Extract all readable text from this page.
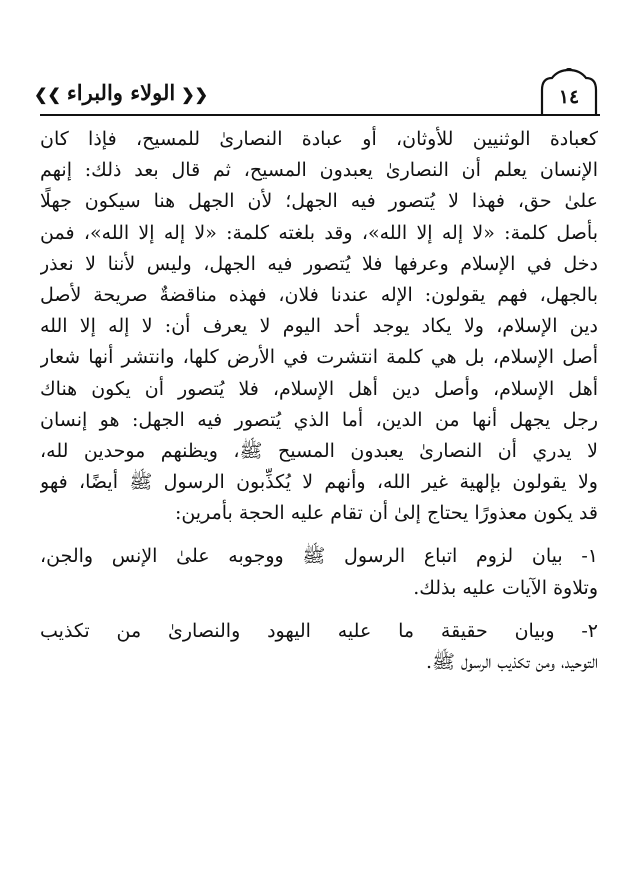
١٤
❮❮الولاء والبراء❯❯
كعبادة الوثنيين للأوثان، أو عبادة النصارىٰ للمسيح، فإذا كان
الإنسان يعلم أن النصارىٰ يعبدون المسيح، ثم قال بعد ذلك: إنهم
علىٰ حق، فهذا لا يُتصور فيه الجهل؛ لأن الجهل هنا سيكون جهلًا
بأصل كلمة: «لا إله إلا الله»، وقد بلغته كلمة: «لا إله إلا الله»، فمن
دخل في الإسلام وعرفها فلا يُتصور فيه الجهل، وليس لأننا لا نعذر
بالجهل، فهم يقولون: الإله عندنا فلان، فهذه مناقضةٌ صريحة لأصل
دين الإسلام، ولا يكاد يوجد أحد اليوم لا يعرف أن: لا إله إلا الله
أصل الإسلام، بل هي كلمة انتشرت في الأرض كلها، وانتشر أنها شعار
أهل الإسلام، وأصل دين أهل الإسلام، فلا يُتصور أن يكون هناك
رجل يجهل أنها من الدين، أما الذي يُتصور فيه الجهل: هو إنسان
لا يدري أن النصارىٰ يعبدون المسيح ﷺ، ويظنهم موحدين لله،
ولا يقولون بإلهية غير الله، وأنهم لا يُكذِّبون الرسول ﷺ أيضًا، فهو
قد يكون معذورًا يحتاج إلىٰ أن تقام عليه الحجة بأمرين:
١- بيان لزوم اتباع الرسول ﷺ ووجوبه علىٰ الإنس والجن،
وتلاوة الآيات عليه بذلك.
٢- وبيان حقيقة ما عليه اليهود والنصارىٰ من تكذيب
التوحيد، ومن تكذيب الرسول ﷺ.
